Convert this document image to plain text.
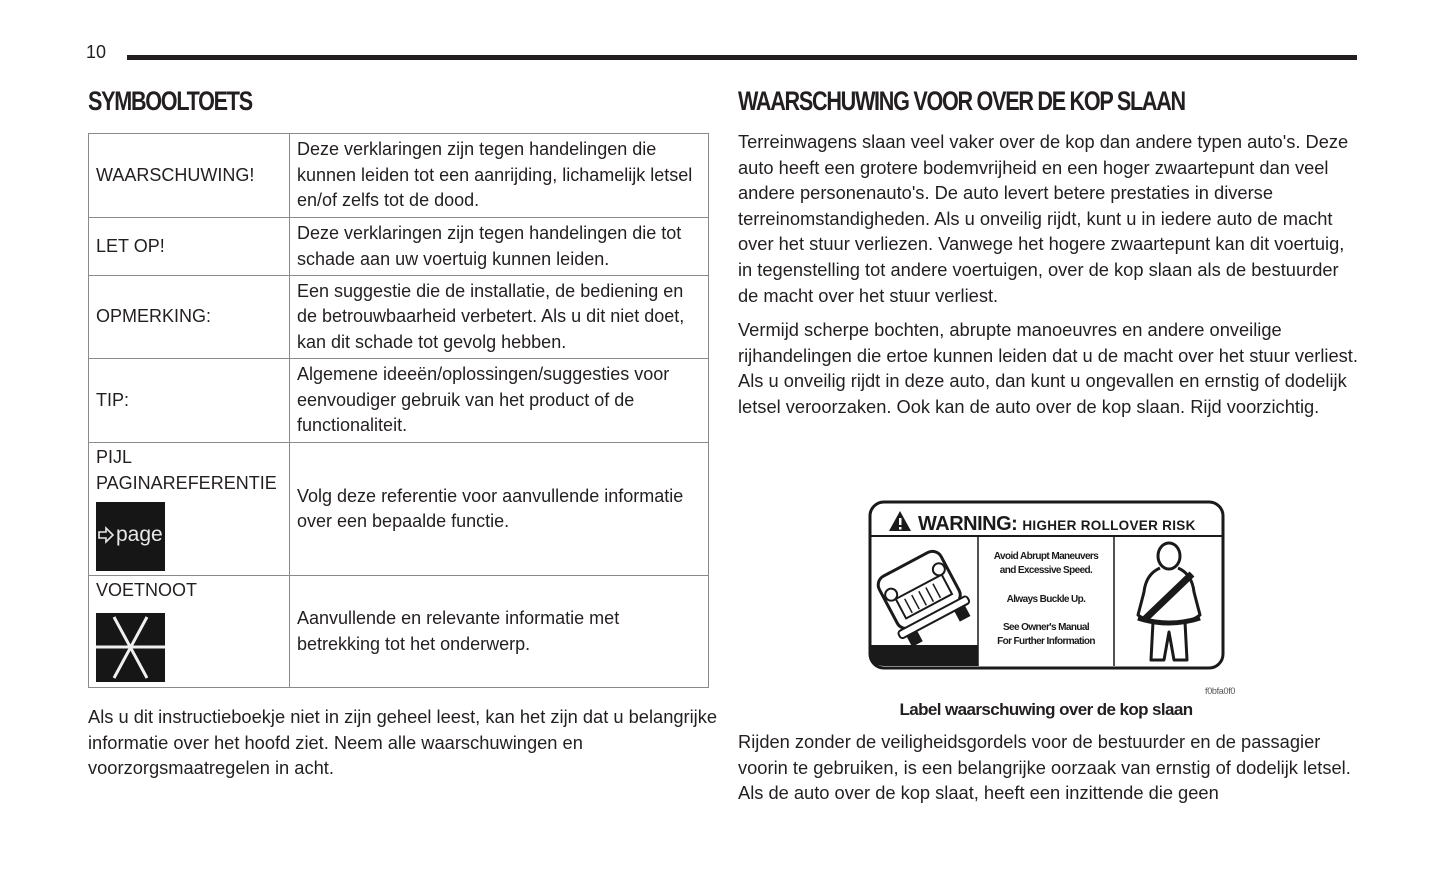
10
SYMBOOLTOETS	WAARSCHUWING VOOR OVER DE KOP SLAAN
WAARSCHUWING!	Deze verklaringen zijn tegen handelingen die kunnen leiden tot een aanrijding, lichamelijk letsel en/of zelfs tot de dood.
LET OP!	Deze verklaringen zijn tegen handelingen die tot schade aan uw voertuig kunnen leiden.
OPMERKING:	Een suggestie die de installatie, de bediening en de betrouwbaarheid verbetert. Als u dit niet doet, kan dit schade tot gevolg hebben.
TIP:	Algemene ideeën/oplossingen/suggesties voor eenvoudiger gebruik van het product of de functionaliteit.

PIJL
PAGINAREFERENTIE
page	Volg deze referentie voor aanvullende informatie over een bepaalde functie.

VOETNOOT	Aanvullende en relevante informatie met betrekking tot het onderwerp.
Als u dit instructieboekje niet in zijn geheel leest, kan het zijn dat u belangrijke informatie over het hoofd ziet. Neem alle waarschuwingen en voorzorgsmaatregelen in acht.
Terreinwagens slaan veel vaker over de kop dan andere typen auto's. Deze auto heeft een grotere bodemvrijheid en een hoger zwaartepunt dan veel andere personenauto's. De auto levert betere prestaties in diverse terreinomstandigheden. Als u onveilig rijdt, kunt u in iedere auto de macht over het stuur verliezen. Vanwege het hogere zwaartepunt kan dit voertuig, in tegenstelling tot andere voertuigen, over de kop slaan als de bestuurder de macht over het stuur verliest.
Vermijd scherpe bochten, abrupte manoeuvres en andere onveilige rijhandelingen die ertoe kunnen leiden dat u de macht over het stuur verliest. Als u onveilig rijdt in deze auto, dan kunt u ongevallen en ernstig of dodelijk letsel veroorzaken. Ook kan de auto over de kop slaan. Rijd voorzichtig.
WARNING: HIGHER ROLLOVER RISK
Avoid Abrupt Maneuvers
and Excessive Speed.
Always Buckle Up.
See Owner's Manual
For Further Information
f0bfa0f0
Label waarschuwing over de kop slaan
Rijden zonder de veiligheidsgordels voor de bestuurder en de passagier voorin te gebruiken, is een belangrijke oorzaak van ernstig of dodelijk letsel. Als de auto over de kop slaat, heeft een inzittende die geen
